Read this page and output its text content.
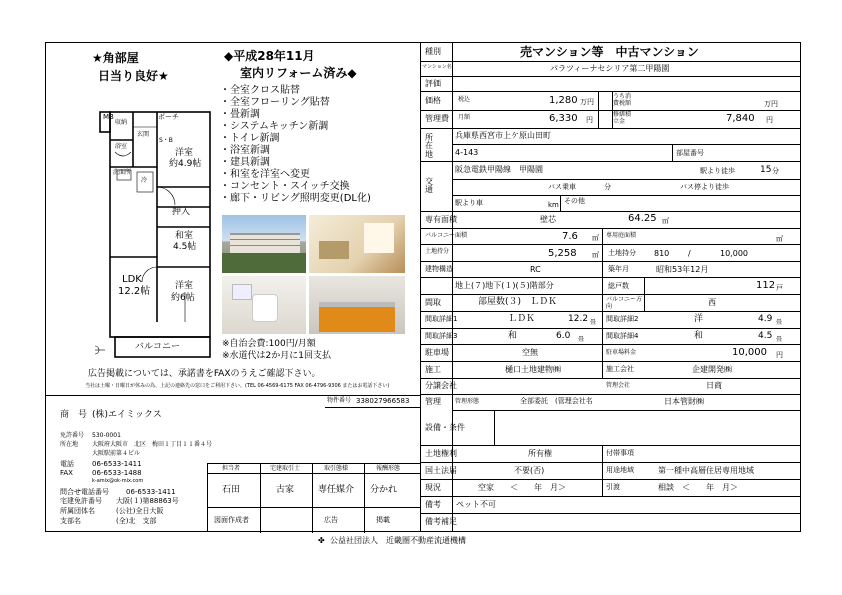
★角部屋
日当り良好★
◆平成28年11月
室内リフォーム済み◆
MB
収納
ポーチ
玄関
S・B
洗面所
浴室
冷
洋室
約4.9帖
押入
和室
4.5帖
LDK
12.2帖	洋室
約6帖
バルコニー
・全室クロス貼替
・全室フローリング貼替
・畳新調
・システムキッチン新調
・トイレ新調
・浴室新調
・建具新調
・和室を洋室へ変更
・コンセント・スイッチ交換
・廊下・リビング照明変更(DL化)
※自治会費:100円/月額
※水道代は2か月に1回支払
広告掲載については、承諾書をFAXのうえご確認下さい。
当社は土曜・日曜日が休みの為、上記の連絡先の窓口をご利用下さい。(TEL 06-4569-6175 FAX 06-4796-9306 またはお電話下さい)
物件番号 338027966583
商　号 (株)エイミックス
免許番号 530-0001
所在地 大阪府大阪市　北区　梅田１丁目１１番４号
大阪駅前第４ビル
電話	06-6533-1411
FAX	06-6533-1488
k-amix@ok-mix.com
問合せ電話番号 06-6533-1411
宅建免許番号 大阪(１)第88863号
所属団体名	(公社)全日大阪
支部名	(全)北　支部
担当者	宅建取引士	取引態様	報酬形態
石田	古家	専任媒介 分かれ
図面作成者	広告	掲載
種別	売マンション等　中古マンション
マンション名	パラツィーナセシリア第二甲陽園
評価
価格	税込	1,280 万円
うち消費税額	万円
管理費 月額	6,330 円
修繕積立金	7,840 円
所在地
兵庫県西宮市上ケ原山田町
4-143	部屋番号
交通
阪急電鉄甲陽線　甲陽園	駅より徒歩	15 分
バス乗車	分	バス停より徒歩
駅より車	km その他
専有面積	壁芯	64.25 ㎡
バルコニー面積	7.6 ㎡ 専用庭面積	㎡
土地持分	5,258 ㎡ 土地持分 810 /	10,000
建物構造	RC	築年月	昭和53年12月
地上(７)地下(１)(５)階部分	総戸数	112 戸
間取	部屋数(３)　ＬＤＫ	バルコニー方向	西
間取詳細1	ＬＤＫ	12.2 畳 間取詳細2	洋	4.9 畳
間取詳細3	和	6.0 畳	間取詳細4	和	4.5 畳
駐車場	空無	駐車場料金	10,000 円
施工	樋口土地建物㈱	施工会社	企建開発㈱
分譲会社	管理会社	日商
管理 管理形態	全部委託　(管理会社名	日本管財㈱
設備・条件
土地権利	所有権	付帯事項
国土法届	不要(否)	用途地域	第一種中高層住居専用地域
現況	空家　　＜　　年　月＞	引渡	相談　＜　　年　月＞
備考 ペット不可
備考補足
✤ 公益社団法人　近畿圏不動産流通機構
